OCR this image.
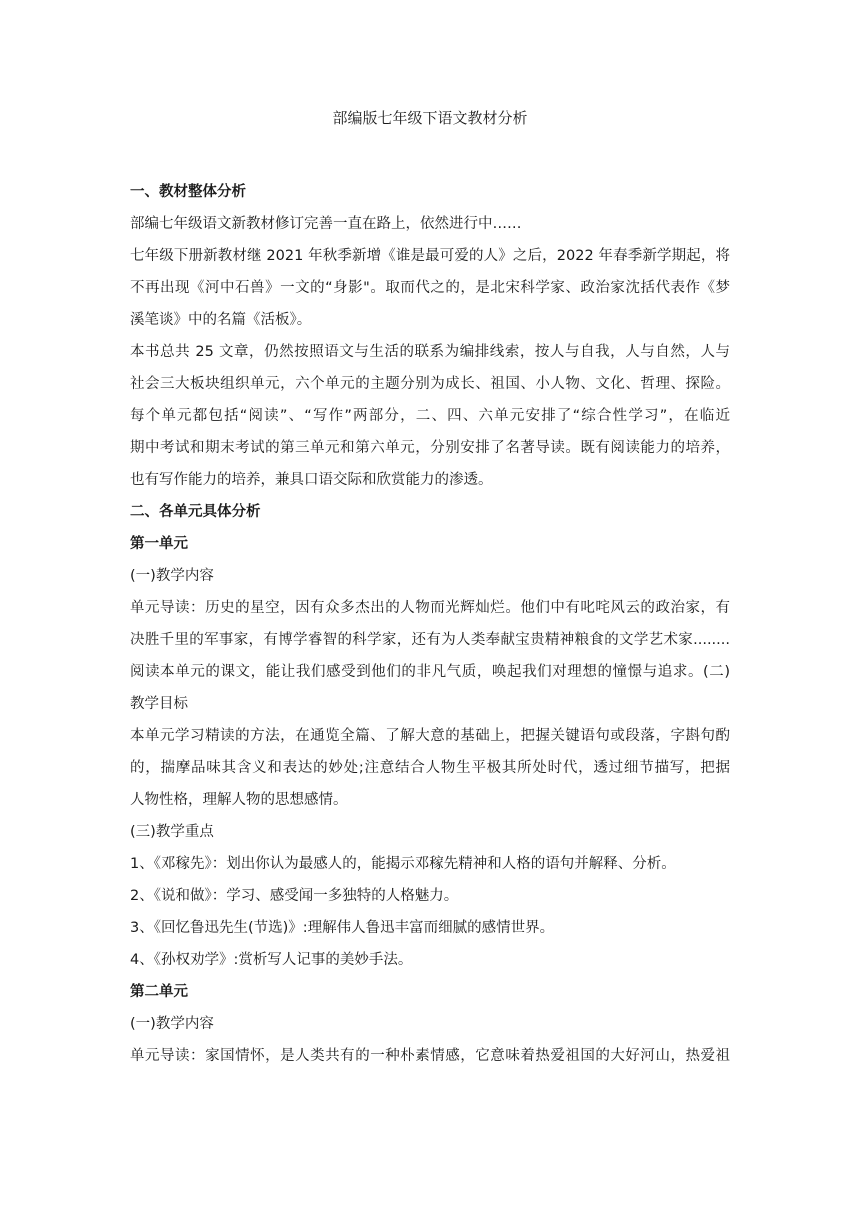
部编版七年级下语文教材分析
一、教材整体分析
部编七年级语文新教材修订完善一直在路上，依然进行中……
七年级下册新教材继 2021 年秋季新增《谁是最可爱的人》之后，2022 年春季新学期起，将
不再出现《河中石兽》一文的“身影"。取而代之的，是北宋科学家、政治家沈括代表作《梦
溪笔谈》中的名篇《活板》。
本书总共 25 文章，仍然按照语文与生活的联系为编排线索，按人与自我，人与自然，人与
社会三大板块组织单元，六个单元的主题分别为成长、祖国、小人物、文化、哲理、探险。
每个单元都包括“阅读”、“写作”两部分，二、四、六单元安排了“综合性学习”，在临近
期中考试和期末考试的第三单元和第六单元，分别安排了名著导读。既有阅读能力的培养，
也有写作能力的培养，兼具口语交际和欣赏能力的渗透。
二、各单元具体分析
第一单元
(一)教学内容
单元导读：历史的星空，因有众多杰出的人物而光辉灿烂。他们中有叱咤风云的政治家，有
决胜千里的军事家，有博学睿智的科学家，还有为人类奉献宝贵精神粮食的文学艺术家........
阅读本单元的课文，能让我们感受到他们的非凡气质，唤起我们对理想的憧憬与追求。(二)
教学目标
本单元学习精读的方法，在通览全篇、了解大意的基础上，把握关键语句或段落，字斟句酌
的，揣摩品味其含义和表达的妙处;注意结合人物生平极其所处时代，透过细节描写，把据
人物性格，理解人物的思想感情。
(三)教学重点
1、《邓稼先》：划出你认为最感人的，能揭示邓稼先精神和人格的语句并解释、分析。
2、《说和做》：学习、感受闻一多独特的人格魅力。
3、《回忆鲁迅先生(节选)》:理解伟人鲁迅丰富而细腻的感情世界。
4、《孙权劝学》:赏析写人记事的美妙手法。
第二单元
(一)教学内容
单元导读：家国情怀，是人类共有的一种朴素情感，它意味着热爱祖国的大好河山，热爱祖
